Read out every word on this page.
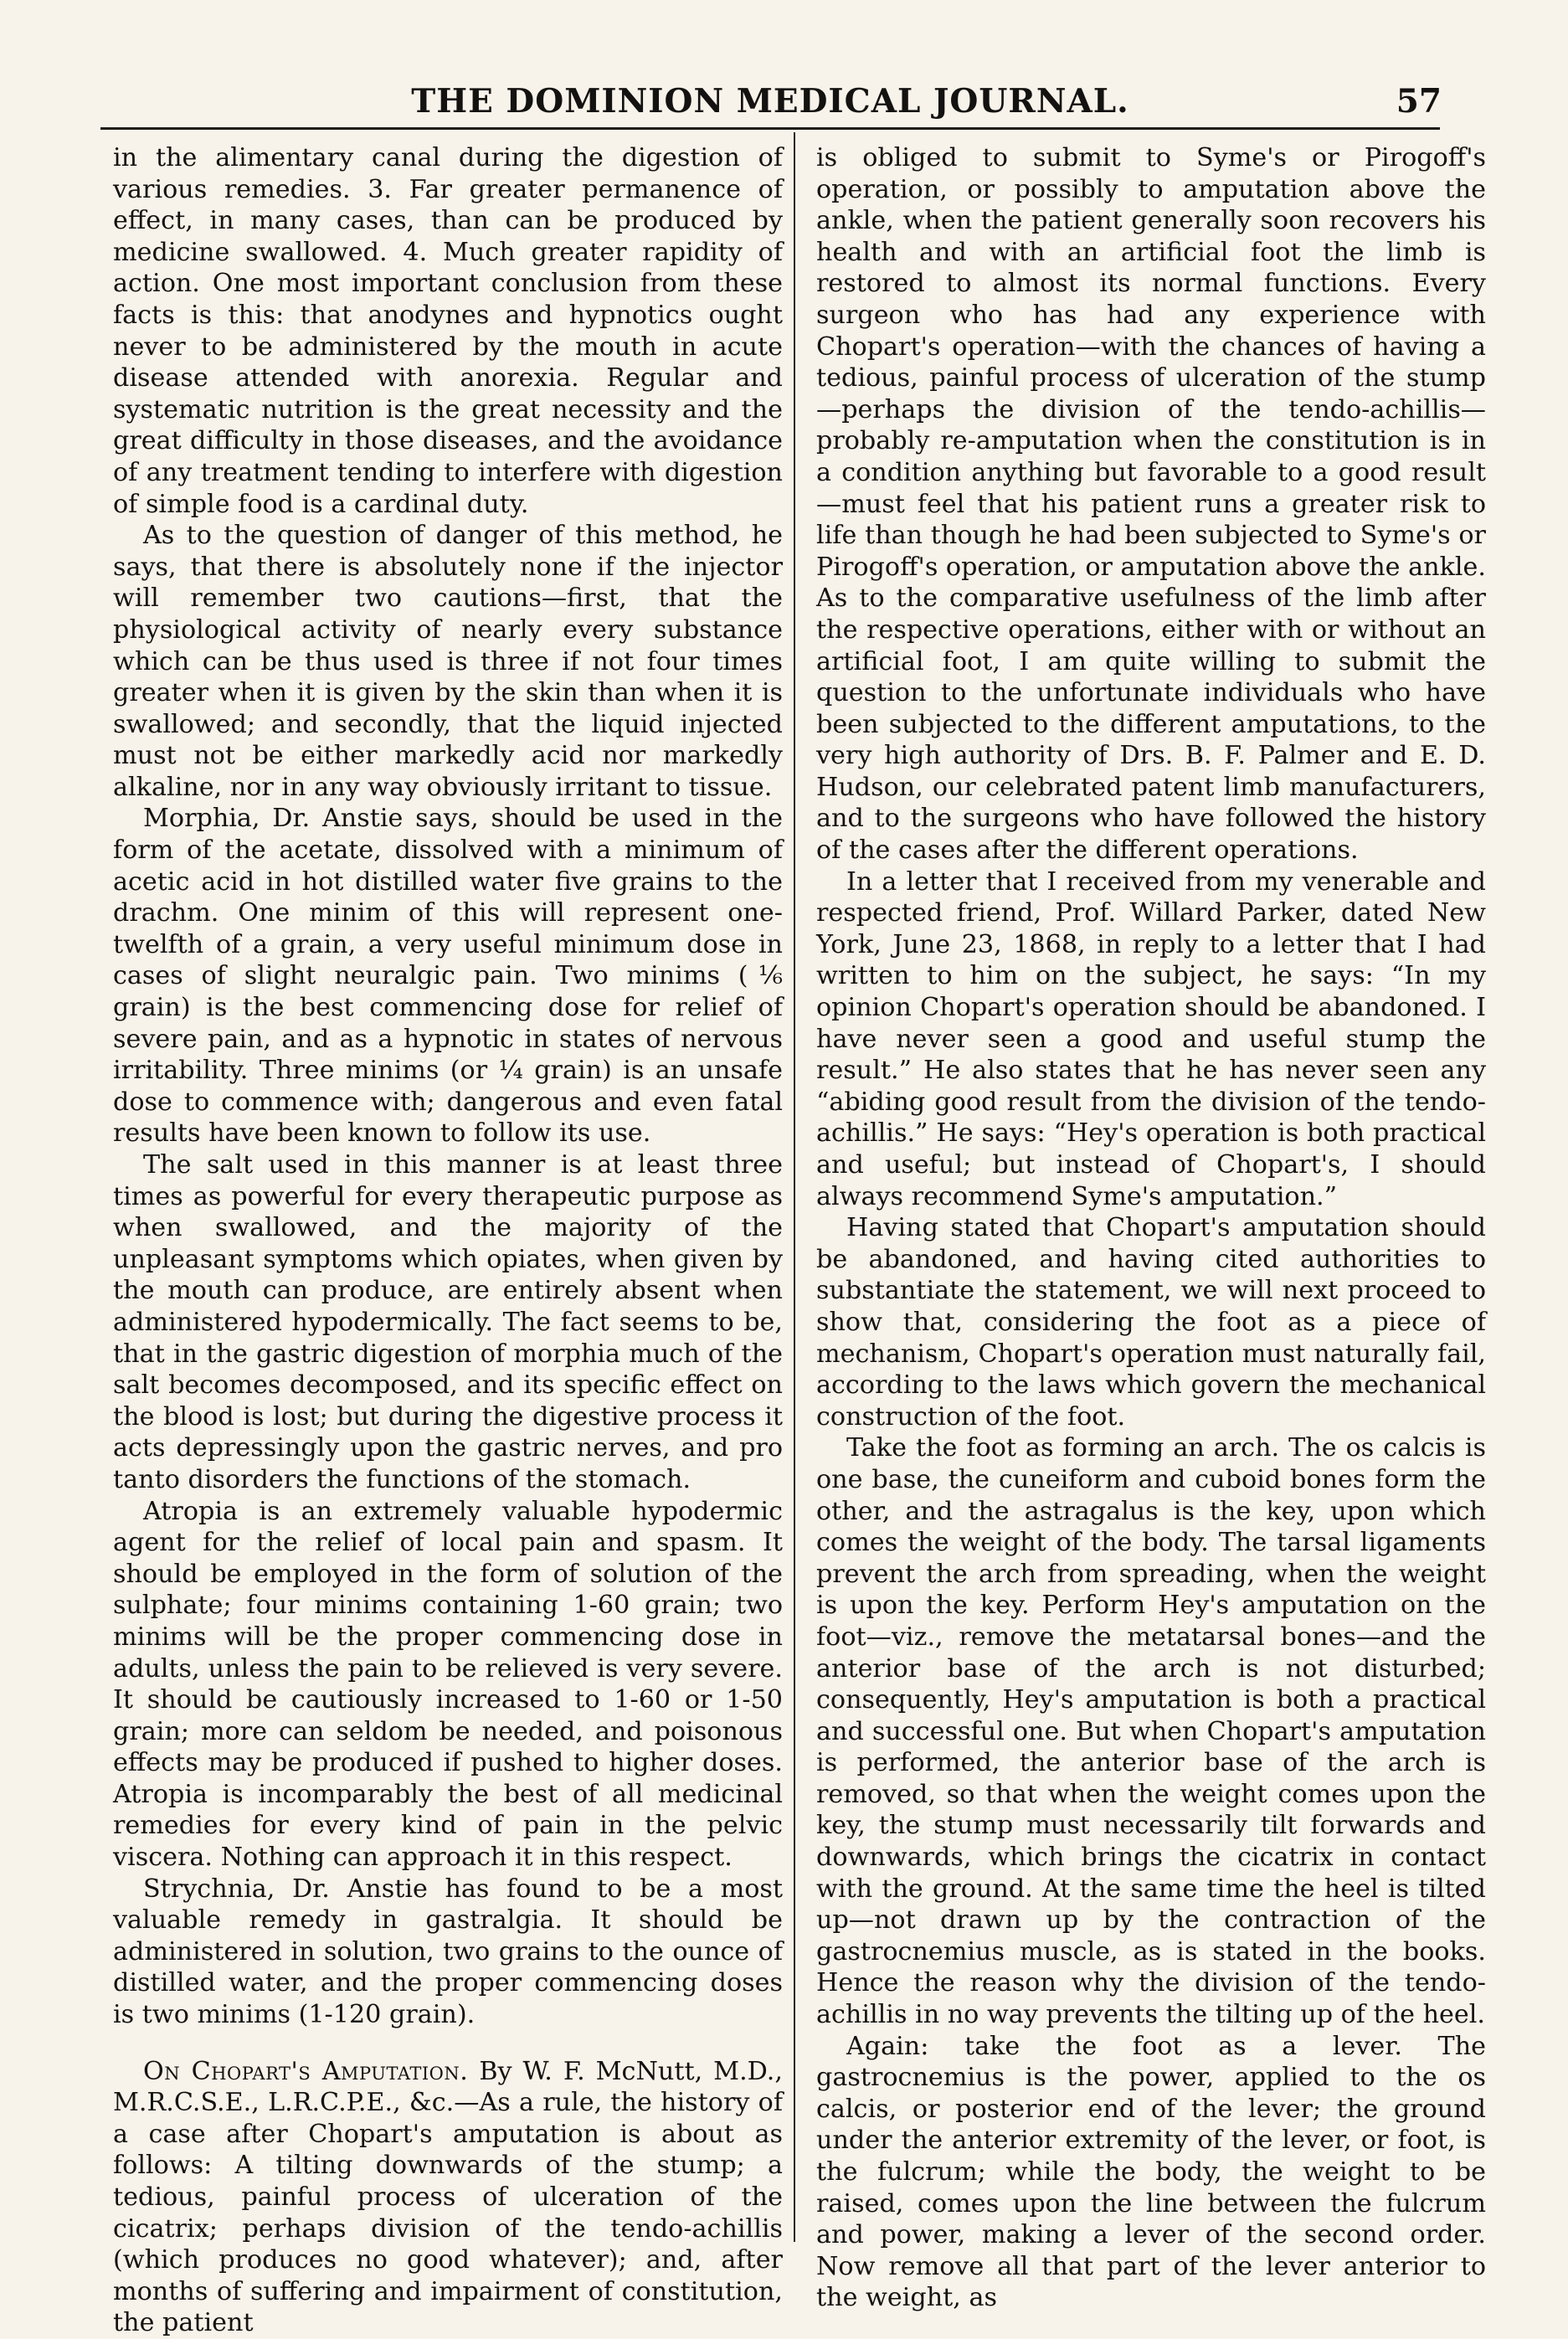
THE DOMINION MEDICAL JOURNAL.	57

in the alimentary canal during the digestion of various remedies. 3. Far greater permanence of effect, in many cases, than can be produced by medicine swallowed. 4. Much greater rapidity of action. One most important conclusion from these facts is this: that anodynes and hypnotics ought never to be administered by the mouth in acute disease attended with anorexia. Regular and systematic nutrition is the great necessity and the great difficulty in those diseases, and the avoidance of any treatment tending to interfere with digestion of simple food is a cardinal duty.

As to the question of danger of this method, he says, that there is absolutely none if the injector will remember two cautions—first, that the physiological activity of nearly every substance which can be thus used is three if not four times greater when it is given by the skin than when it is swallowed; and secondly, that the liquid injected must not be either markedly acid nor markedly alkaline, nor in any way obviously irritant to tissue.

Morphia, Dr. Anstie says, should be used in the form of the acetate, dissolved with a minimum of acetic acid in hot distilled water five grains to the drachm. One minim of this will represent one-twelfth of a grain, a very useful minimum dose in cases of slight neuralgic pain. Two minims (⅙ grain) is the best commencing dose for relief of severe pain, and as a hypnotic in states of nervous irritability. Three minims (or ¼ grain) is an unsafe dose to commence with; dangerous and even fatal results have been known to follow its use.

The salt used in this manner is at least three times as powerful for every therapeutic purpose as when swallowed, and the majority of the unpleasant symptoms which opiates, when given by the mouth can produce, are entirely absent when administered hypodermically. The fact seems to be, that in the gastric digestion of morphia much of the salt becomes decomposed, and its specific effect on the blood is lost; but during the digestive process it acts depressingly upon the gastric nerves, and pro tanto disorders the functions of the stomach.

Atropia is an extremely valuable hypodermic agent for the relief of local pain and spasm. It should be employed in the form of solution of the sulphate; four minims containing 1-60 grain; two minims will be the proper commencing dose in adults, unless the pain to be relieved is very severe. It should be cautiously increased to 1-60 or 1-50 grain; more can seldom be needed, and poisonous effects may be produced if pushed to higher doses. Atropia is incomparably the best of all medicinal remedies for every kind of pain in the pelvic viscera. Nothing can approach it in this respect.

Strychnia, Dr. Anstie has found to be a most valuable remedy in gastralgia. It should be administered in solution, two grains to the ounce of distilled water, and the proper commencing doses is two minims (1-120 grain).

On Chopart's Amputation. By W. F. McNutt, M.D., M.R.C.S.E., L.R.C.P.E., &c.—As a rule, the history of a case after Chopart's amputation is about as follows: A tilting downwards of the stump; a tedious, painful process of ulceration of the cicatrix; perhaps division of the tendo-achillis (which produces no good whatever); and, after months of suffering and impairment of constitution, the patient

is obliged to submit to Syme's or Pirogoff's operation, or possibly to amputation above the ankle, when the patient generally soon recovers his health and with an artificial foot the limb is restored to almost its normal functions. Every surgeon who has had any experience with Chopart's operation—with the chances of having a tedious, painful process of ulceration of the stump—perhaps the division of the tendo-achillis—probably re-amputation when the constitution is in a condition anything but favorable to a good result—must feel that his patient runs a greater risk to life than though he had been subjected to Syme's or Pirogoff's operation, or amputation above the ankle. As to the comparative usefulness of the limb after the respective operations, either with or without an artificial foot, I am quite willing to submit the question to the unfortunate individuals who have been subjected to the different amputations, to the very high authority of Drs. B. F. Palmer and E. D. Hudson, our celebrated patent limb manufacturers, and to the surgeons who have followed the history of the cases after the different operations.

In a letter that I received from my venerable and respected friend, Prof. Willard Parker, dated New York, June 23, 1868, in reply to a letter that I had written to him on the subject, he says: “In my opinion Chopart's operation should be abandoned. I have never seen a good and useful stump the result.” He also states that he has never seen any “abiding good result from the division of the tendo-achillis.” He says: “Hey's operation is both practical and useful; but instead of Chopart's, I should always recommend Syme's amputation.”

Having stated that Chopart's amputation should be abandoned, and having cited authorities to substantiate the statement, we will next proceed to show that, considering the foot as a piece of mechanism, Chopart's operation must naturally fail, according to the laws which govern the mechanical construction of the foot.

Take the foot as forming an arch. The os calcis is one base, the cuneiform and cuboid bones form the other, and the astragalus is the key, upon which comes the weight of the body. The tarsal ligaments prevent the arch from spreading, when the weight is upon the key. Perform Hey's amputation on the foot—viz., remove the metatarsal bones—and the anterior base of the arch is not disturbed; consequently, Hey's amputation is both a practical and successful one. But when Chopart's amputation is performed, the anterior base of the arch is removed, so that when the weight comes upon the key, the stump must necessarily tilt forwards and downwards, which brings the cicatrix in contact with the ground. At the same time the heel is tilted up—not drawn up by the contraction of the gastrocnemius muscle, as is stated in the books. Hence the reason why the division of the tendo-achillis in no way prevents the tilting up of the heel.

Again: take the foot as a lever. The gastrocnemius is the power, applied to the os calcis, or posterior end of the lever; the ground under the anterior extremity of the lever, or foot, is the fulcrum; while the body, the weight to be raised, comes upon the line between the fulcrum and power, making a lever of the second order. Now remove all that part of the lever anterior to the weight, as
